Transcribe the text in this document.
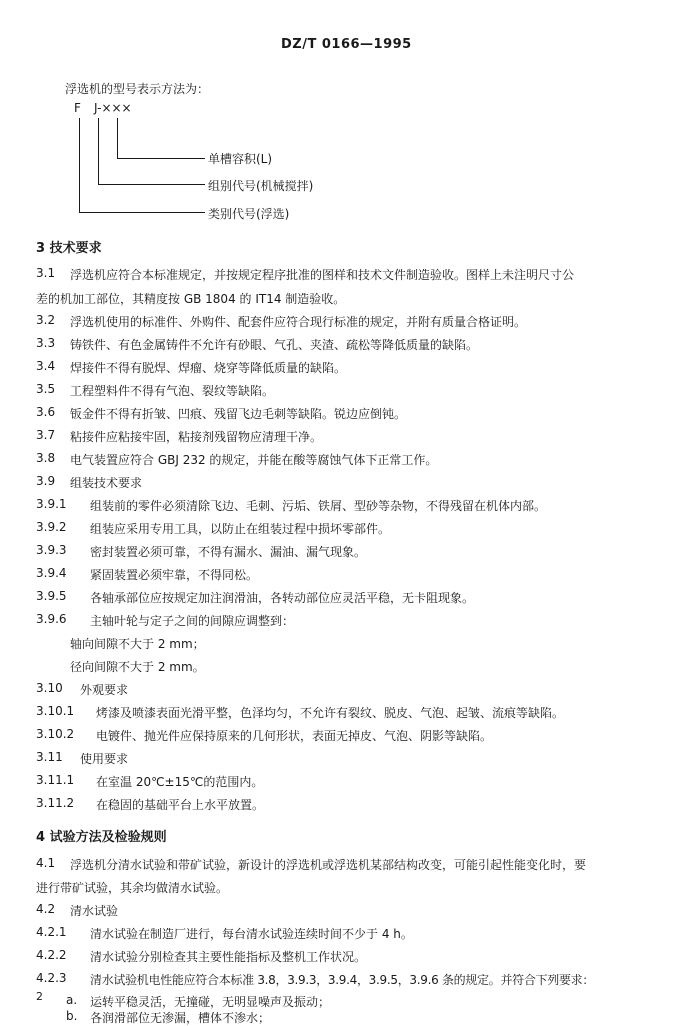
DZ/T 0166—1995
浮选机的型号表示方法为：
F J-×××
单槽容积(L)
组别代号(机械搅拌)
类别代号(浮选)
3 技术要求
3.1 浮选机应符合本标准规定，并按规定程序批准的图样和技术文件制造验收。图样上未注明尺寸公
差的机加工部位，其精度按 GB 1804 的 IT14 制造验收。
3.2 浮选机使用的标准件、外购件、配套件应符合现行标准的规定，并附有质量合格证明。
3.3 铸铁件、有色金属铸件不允许有砂眼、气孔、夹渣、疏松等降低质量的缺陷。
3.4 焊接件不得有脱焊、焊瘤、烧穿等降低质量的缺陷。
3.5 工程塑料件不得有气泡、裂纹等缺陷。
3.6 钣金件不得有折皱、凹痕、残留飞边毛刺等缺陷。锐边应倒钝。
3.7 粘接件应粘接牢固，粘接剂残留物应清理干净。
3.8 电气装置应符合 GBJ 232 的规定，并能在酸等腐蚀气体下正常工作。
3.9 组装技术要求
3.9.1 组装前的零件必须清除飞边、毛刺、污垢、铁屑、型砂等杂物，不得残留在机体内部。
3.9.2 组装应采用专用工具，以防止在组装过程中损坏零部件。
3.9.3 密封装置必须可靠，不得有漏水、漏油、漏气现象。
3.9.4 紧固装置必须牢靠，不得同松。
3.9.5 各轴承部位应按规定加注润滑油，各转动部位应灵活平稳，无卡阻现象。
3.9.6 主轴叶轮与定子之间的间隙应调整到：
轴向间隙不大于 2 mm；
径向间隙不大于 2 mm。
3.10 外观要求
3.10.1 烤漆及喷漆表面光滑平整，色泽均匀，不允许有裂纹、脱皮、气泡、起皱、流痕等缺陷。
3.10.2 电镀件、抛光件应保持原来的几何形状，表面无掉皮、气泡、阴影等缺陷。
3.11 使用要求
3.11.1 在室温 20℃±15℃的范围内。
3.11.2 在稳固的基础平台上水平放置。
4 试验方法及检验规则
4.1 浮选机分清水试验和带矿试验，新设计的浮选机或浮选机某部结构改变，可能引起性能变化时，要
进行带矿试验，其余均做清水试验。
4.2 清水试验
4.2.1 清水试验在制造厂进行，每台清水试验连续时间不少于 4 h。
4.2.2 清水试验分别检查其主要性能指标及整机工作状况。
4.2.3 清水试验机电性能应符合本标准 3.8，3.9.3，3.9.4，3.9.5，3.9.6 条的规定。并符合下列要求：
a. 运转平稳灵活，无撞碰，无明显噪声及振动；
b. 各润滑部位无渗漏，槽体不渗水；
2
